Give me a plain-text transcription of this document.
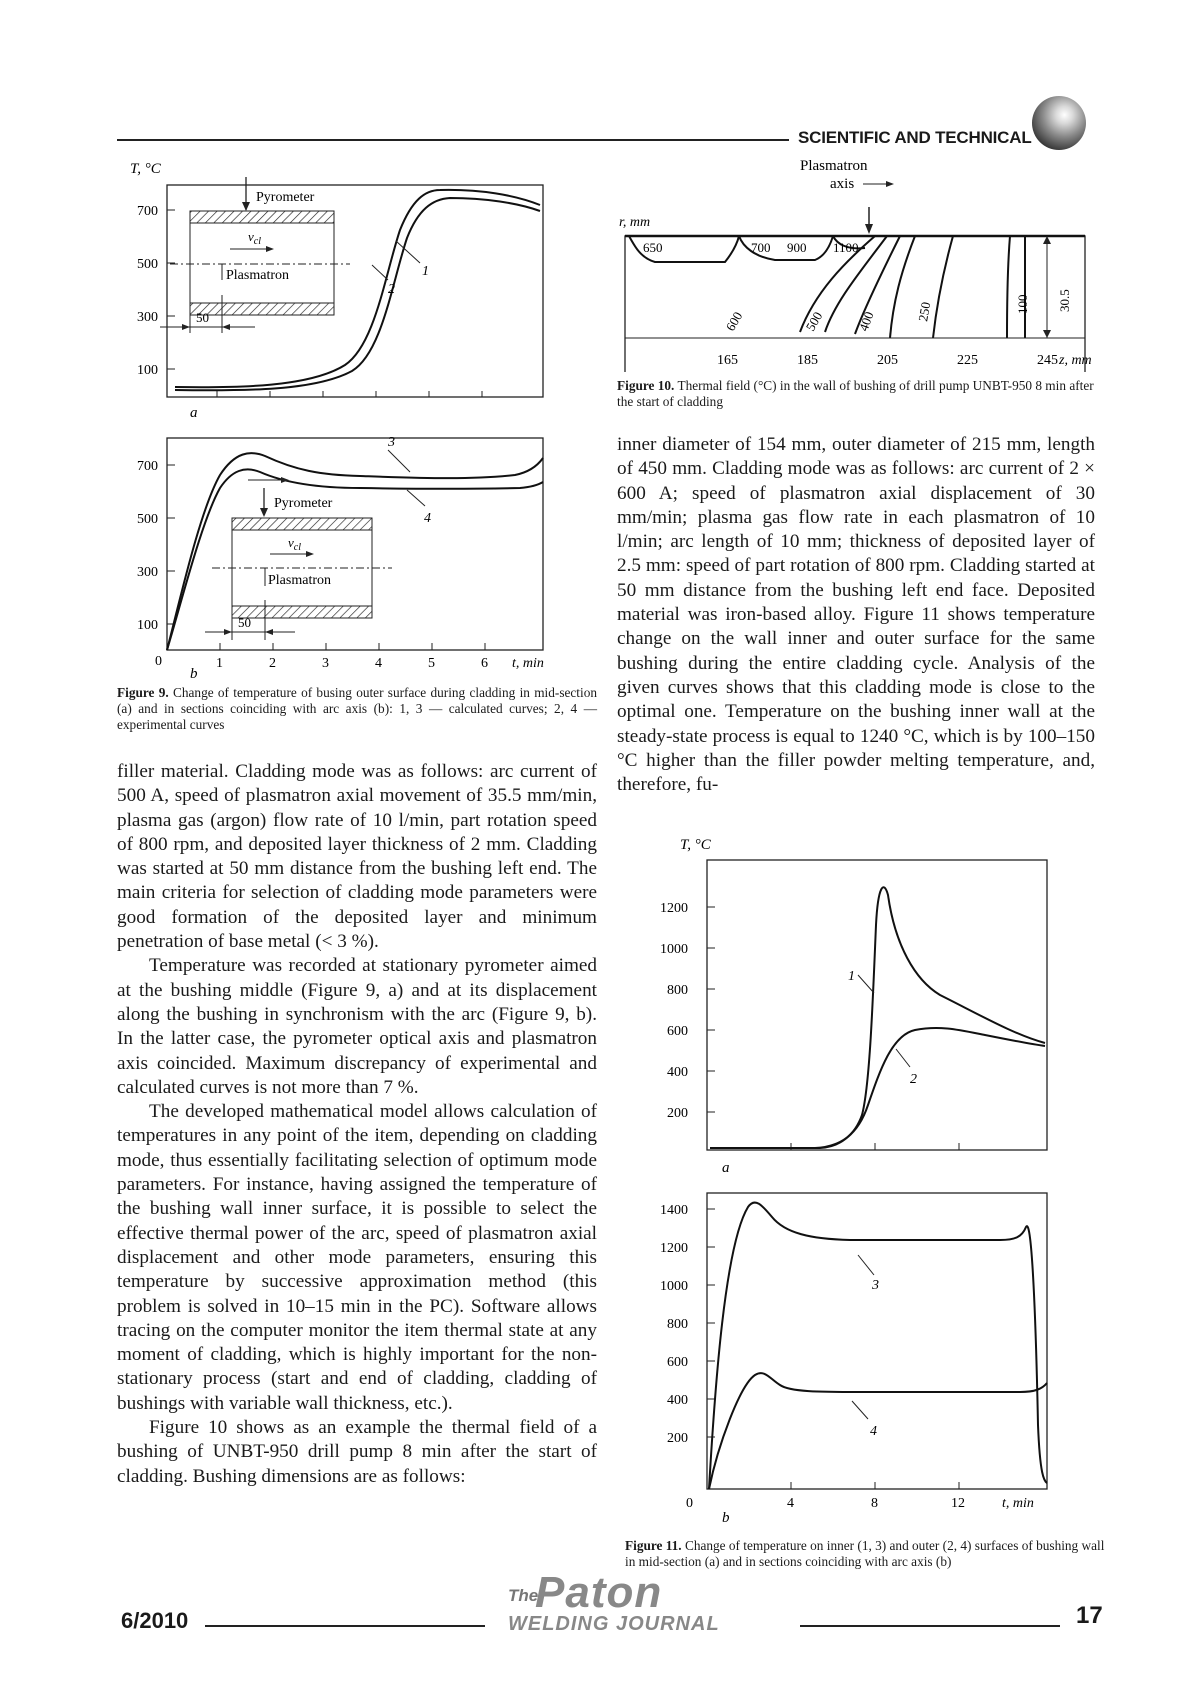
SCIENTIFIC AND TECHNICAL
T, °C
700
500
300
100
1
2
Pyrometer
$v_{cl}$
Plasmatron
50
a
700
500
300
100
0	1	2	3	4	5	6 t, min
3
4
Pyrometer
$v_{cl}$
Plasmatron
50
b
Figure 9. Change of temperature of busing outer surface during cladding in mid-section (a) and in sections coinciding with arc axis (b): 1, 3 — calculated curves; 2, 4 — experimental curves

filler material. Cladding mode was as follows: arc current of 500 A, speed of plasmatron axial movement of 35.5 mm/min, plasma gas (argon) flow rate of 10 l/min, part rotation speed of 800 rpm, and deposited layer thickness of 2 mm. Cladding was started at 50 mm distance from the bushing left end. The main criteria for selection of cladding mode parameters were good formation of the deposited layer and minimum penetration of base metal (< 3 %).

Temperature was recorded at stationary pyrometer aimed at the bushing middle (Figure 9, a) and at its displacement along the bushing in synchronism with the arc (Figure 9, b). In the latter case, the pyrometer optical axis and plasmatron axis coincided. Maximum discrepancy of experimental and calculated curves is not more than 7 %.

The developed mathematical model allows calculation of temperatures in any point of the item, depending on cladding mode, thus essentially facilitating selection of optimum mode parameters. For instance, having assigned the temperature of the bushing wall inner surface, it is possible to select the effective thermal power of the arc, speed of plasmatron axial displacement and other mode parameters, ensuring this temperature by successive approximation method (this problem is solved in 10–15 min in the PC). Software allows tracing on the computer monitor the item thermal state at any moment of cladding, which is highly important for the non-stationary process (start and end of cladding, cladding of bushings with variable wall thickness, etc.).

Figure 10 shows as an example the thermal field of a bushing of UNBT-950 drill pump 8 min after the start of cladding. Bushing dimensions are as follows:

Plasmatron
axis
r, mm
650	700 900 1100
600	500 400	250	100 30.5
165	185	205	225	245 z, mm
Figure 10. Thermal field (°C) in the wall of bushing of drill pump UNBT-950 8 min after the start of cladding
inner diameter of 154 mm, outer diameter of 215 mm, length of 450 mm. Cladding mode was as follows: arc current of 2 × 600 A; speed of plasmatron axial displacement of 30 mm/min; plasma gas flow rate in each plasmatron of 10 l/min; arc length of 10 mm; thickness of deposited layer of 2.5 mm: speed of part rotation of 800 rpm. Cladding started at 50 mm distance from the bushing left end face. Deposited material was iron-based alloy. Figure 11 shows temperature change on the wall inner and outer surface for the same bushing during the entire cladding cycle. Analysis of the given curves shows that this cladding mode is close to the optimal one. Temperature on the bushing inner wall at the steady-state process is equal to 1240 °C, which is by 100–150 °C higher than the filler powder melting temperature, and, therefore, fu-
T, °C
1200
1000
800
600
400
200
1
2
a
1400
1200
1000
800
600
400
200
0	4	8	12	t, min
3
4
b
Figure 11. Change of temperature on inner (1, 3) and outer (2, 4) surfaces of bushing wall in mid-section (a) and in sections coinciding with arc axis (b)
6/2010
The
Paton
WELDING JOURNAL	17
